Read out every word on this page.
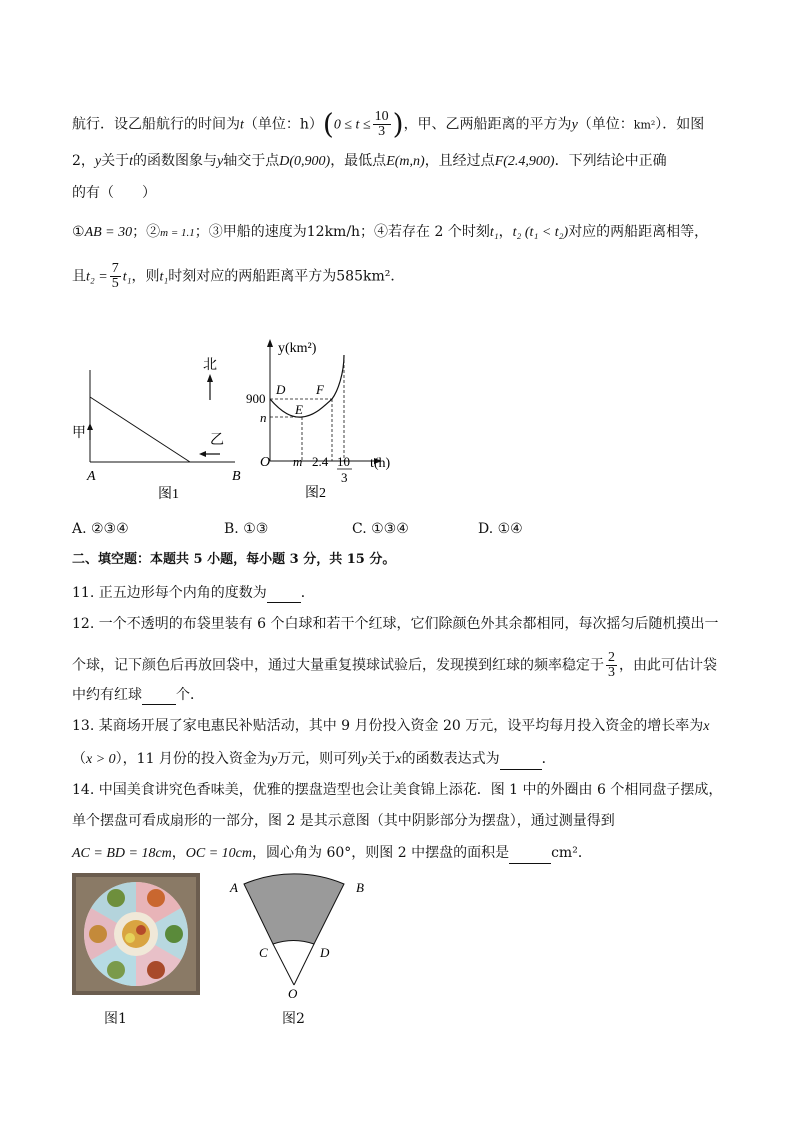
航行．设乙船航行的时间为t（单位：$h)(0 \le t \le \frac{10}{3}$ )，甲、乙两船距离的平方为y（单位：km²）．如图
2，y关于t的函数图象与y轴交于点D(0,900)，最低点E(m,n)，且经过点F(2.4,900)．下列结论中正确
的有（　　）
①AB = 30；②m = 1.1；③甲船的速度为12km/h；④若存在 2 个时刻t₁，t₂ (t₁ < t₂)对应的两船距离相等，
且$t_2 = \frac{7}{5} t_1$，则t₁时刻对应的两船距离平方为585km²．
北
甲	乙
A	B
图1
y(km²)
t(h)
900
n
O m 2.4 10
3
D
E
F
图2
A. ②③④	B. ①③	C. ①③④	D. ①④
二、填空题：本题共 5 小题，每小题 3 分，共 15 分。
11. 正五边形每个内角的度数为 ．
12. 一个不透明的布袋里装有 6 个白球和若干个红球，它们除颜色外其余都相同，每次摇匀后随机摸出一
个球，记下颜色后再放回袋中，通过大量重复摸球试验后，发现摸到红球的频率稳定于 $\frac{2}{3}$ ，由此可估计袋
中约有红球 个．
13. 某商场开展了家电惠民补贴活动，其中 9 月份投入资金 20 万元，设平均每月投入资金的增长率为x
（x > 0），11 月份的投入资金为y万元，则可列y关于x的函数表达式为	．
14. 中国美食讲究色香味美，优雅的摆盘造型也会让美食锦上添花．图 1 中的外圈由 6 个相同盘子摆成，
单个摆盘可看成扇形的一部分，图 2 是其示意图（其中阴影部分为摆盘），通过测量得到
AC = BD = 18cm，OC = 10cm，圆心角为 60°，则图 2 中摆盘的面积是	cm²．
图1
A	B
C	D
O
图2
